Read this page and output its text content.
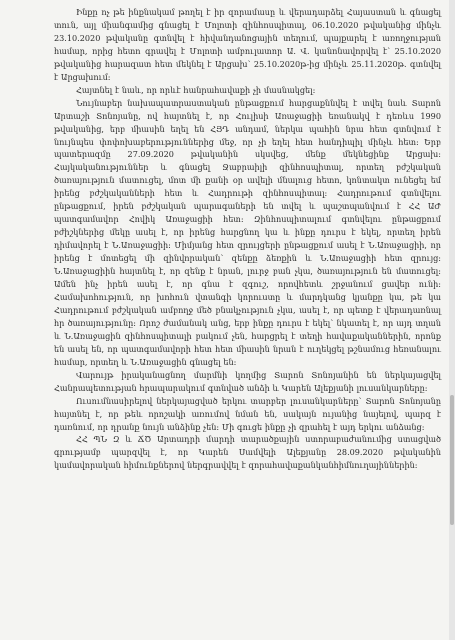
Ինքը ոչ թե ինքնակամ թողել է իր զորամասը և վերադարձել Հայաստան և գնացել տուն, այլ միանգամից գնացել է Մոլոտի զինհոսպիտալ, 06.10.2020 թվականից մինչև 23.10.2020 թվականը գտնվել է հիվանդանոցային տեղում, պայքարել է առողջության համար, որից հետո գրավել է Մոլոտի ամբուլատոր Ա. Վ. կանոնավորվել է՝ 25.10.2020 թվականից հարազատ հետ մեկնել է Արցախ՝ 25.10.2020թ-ից մինչև 25.11.2020թ. գտնվել է Արցախում:

Հայտնել է նաև, որ որևէ հանրահավաքի չի մասնակցել:

Նույնաբեր նախապատրաստական ընթացքում հարցաքննվել է տվել նաև Տարոն Արտաշի Տոնոյանը, ով հայտնել է, որ Հուլիսի Առաջացիի եռանակվ է դեռևս 1990 թվականից, երբ միասին եղել են ՀՅԴ անդամ, ներկա պահին նրա հետ գտնվում է նույնպես փոփոխաբերություններից մեջ, որ չի եղել հետ հանդիպիլ մինչև հետ: Երբ պատերազմը 27.09.2020 թվականին սկսվեց, մենք մեկնեցինք Արցախ: Հայկականություններ և գնացել Ջաբրաիլի զինհոսպիտալ, որտեղ բժշկական ծառայություն մատուցել, մոտ մի քանի օր ավելի մնալուց հետո, կոնտակտ ունեցել եմ իրենց բժշկականների հետ և Հադրութի զինհոսպիտալ: Հադրութում գտնվելու ընթացքում, իրեն բժշկական պարագաների են տվել և պաշտպանվում է ՀՀ ԱԺ պատգամավոր Հովիկ Առաջացիի հետ: Զինհոսպիտալում գտնվելու ընթացքում բժիշկներից մեկը ասել է, որ իրենց հարցնող կա և ինքը դուրս է եկել, որտեղ իրեն դիմավորել է Ն.Առաջացիի: Միմյանց հետ զրույցերի ընթացքում ասել է Ն.Առաջացիի, որ իրենց է մոտեցել մի զինվորական՝ զենքը ձեռքին և Ն.Առաջացիի հետ զրույց: Ն.Առաջացիին հայտնել է, որ զենք է նրան, լուրջ բան չկա, ծառայություն են մատուցել: Ամեն ինչ իրեն ասել է, որ գնա է զգուշ, որովհետև շրջանում ցավեր ունի: Համախոհություն, որ խոհուն վտանգի կորուստը և մարդկանց կյանքը կա, թե կա Հադրութում բժշկական ամբողջ մեծ բնակչություն չկա, ասել է, որ պետք է վերադառնալ հր ծառայությունը: Որոշ ժամանակ անց, երբ ինքը դուրս է եկել՝ նկատել է, որ այդ տղան և Ն.Առաջացին զինհոսպիտալի բակում չեն, հարցրել է տեղի հավաքականներին, որոնք են ասել են, որ պատգամավորի հետ հետ միասին նրան է ուղեկցել թշնամուց հեռանալու համար, որտեղ և Ն.Առաջացին գնացել են:

Վարույթ իրականացնող մարմնի կողմից Տարոն Տոնոյանին են ներկայացվել Հանրապետության հրապարակում գտնված անձի և Կարեն Ալեքյանի լուսանկարները:

Ուսումնասիրելով ներկայացված երկու տարբեր լուսանկարները՝ Տարոն Տոնոյանը հայտնել է, որ թեև որոշակի առումով նման են, սակայն ույանից նայելով, պարզ է դառնում, որ դրանք նույն անձինք չեն: Մի գուցե ինքը չի զրահել է այդ երկու անձանց:

ՀՀ ՊՆ Զ և ՃԾ Արտադրի մարդի տարածքային ստորաբաժանումից ստացված գրությամբ պարզվել է, որ Կարեն Սամվելի Ալեքյանը 28.09.2020 թվականին կամավորական հիմունքներով ներգրավվել է զորահավաքանկանհիմնուղայիններին:
